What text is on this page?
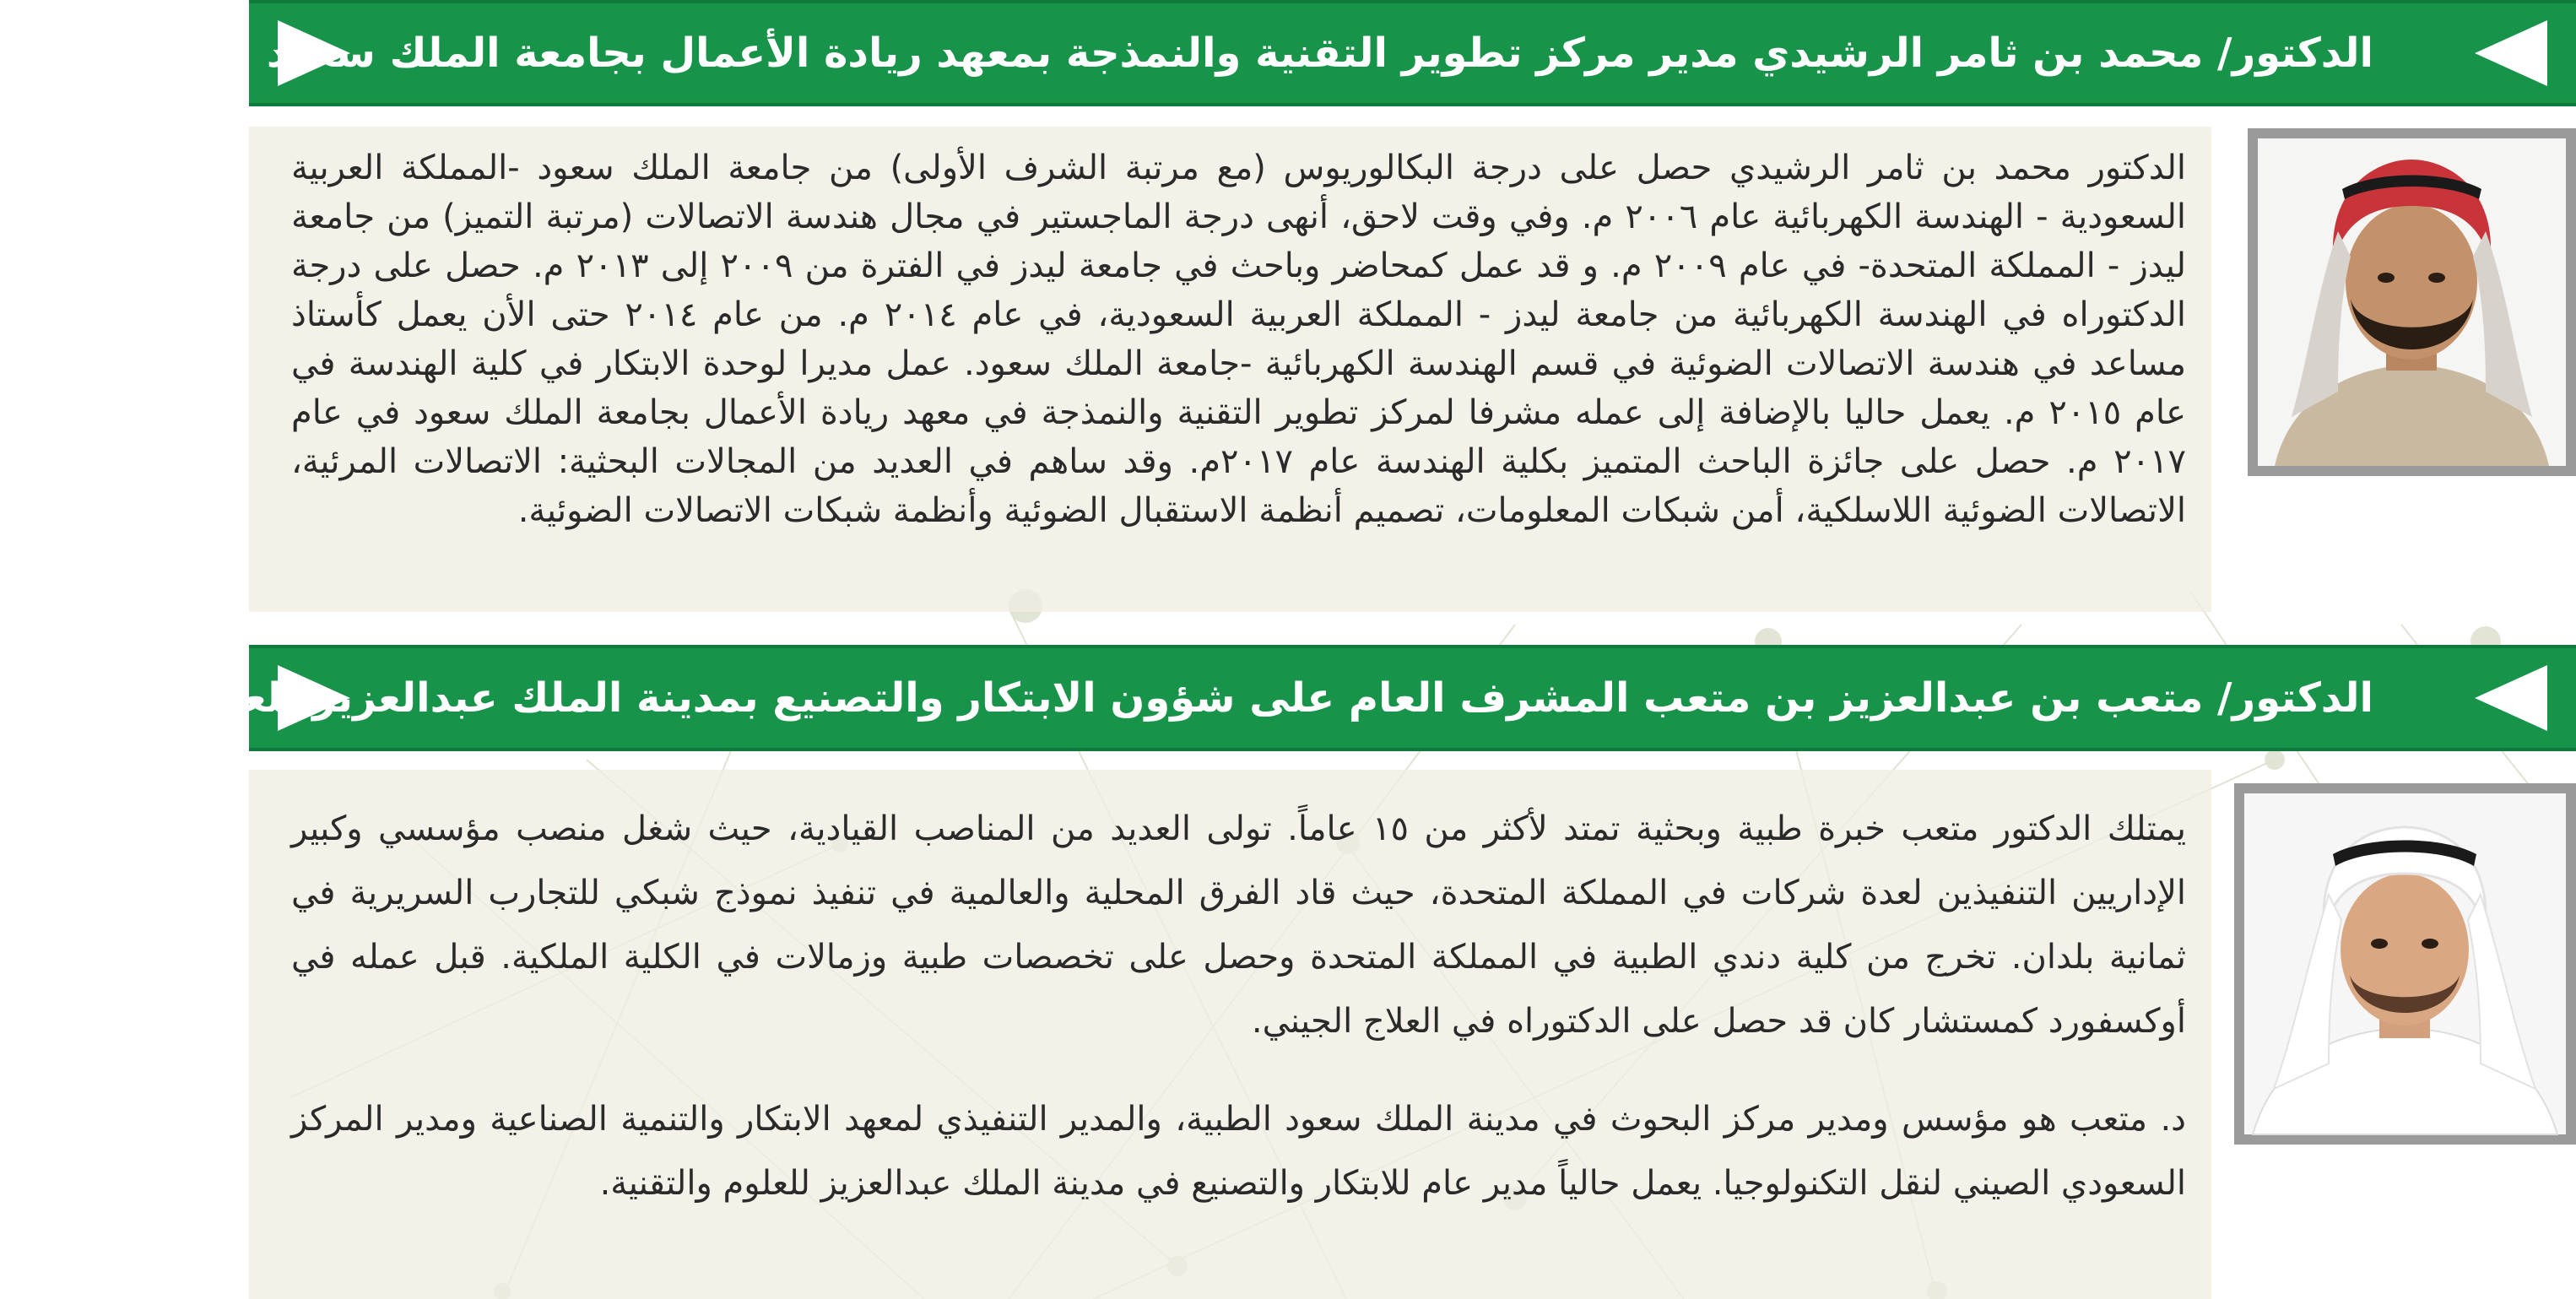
الدكتور/ محمد بن ثامر الرشيدي مدير مركز تطوير التقنية والنمذجة بمعهد ريادة الأعمال بجامعة الملك سعود

الدكتور محمد بن ثامر الرشيدي حصل على درجة البكالوريوس (مع مرتبة الشرف الأولى) من جامعة الملك سعود -المملكة العربية السعودية - الهندسة الكهربائية عام ٢٠٠٦ م. وفي وقت لاحق، أنهى درجة الماجستير في مجال هندسة الاتصالات (مرتبة التميز) من جامعة ليدز - المملكة المتحدة- في عام ٢٠٠٩ م. و قد عمل كمحاضر وباحث في جامعة ليدز في الفترة من ٢٠٠٩ إلى ٢٠١٣ م. حصل على درجة الدكتوراه في الهندسة الكهربائية من جامعة ليدز - المملكة العربية السعودية، في عام ٢٠١٤ م. من عام ٢٠١٤ حتى الأن يعمل كأستاذ مساعد في هندسة الاتصالات الضوئية في قسم الهندسة الكهربائية -جامعة الملك سعود. عمل مديرا لوحدة الابتكار في كلية الهندسة في عام ٢٠١٥ م. يعمل حاليا بالإضافة إلى عمله مشرفا لمركز تطوير التقنية والنمذجة في معهد ريادة الأعمال بجامعة الملك سعود في عام ٢٠١٧ م. حصل على جائزة الباحث المتميز بكلية الهندسة عام ٢٠١٧م. وقد ساهم في العديد من المجالات البحثية: الاتصالات المرئية، الاتصالات الضوئية اللاسلكية، أمن شبكات المعلومات، تصميم أنظمة الاستقبال الضوئية وأنظمة شبكات الاتصالات الضوئية.

الدكتور/ متعب بن عبدالعزيز بن متعب المشرف العام على شؤون الابتكار والتصنيع بمدينة الملك عبدالعزيز للعلوم والتقنية

يمتلك الدكتور متعب خبرة طبية وبحثية تمتد لأكثر من ١٥ عاماً. تولى العديد من المناصب القيادية، حيث شغل منصب مؤسسي وكبير الإداريين التنفيذين لعدة شركات في المملكة المتحدة، حيث قاد الفرق المحلية والعالمية في تنفيذ نموذج شبكي للتجارب السريرية في ثمانية بلدان. تخرج من كلية دندي الطبية في المملكة المتحدة وحصل على تخصصات طبية وزمالات في الكلية الملكية. قبل عمله في أوكسفورد كمستشار كان قد حصل على الدكتوراه في العلاج الجيني.

د. متعب هو مؤسس ومدير مركز البحوث في مدينة الملك سعود الطبية، والمدير التنفيذي لمعهد الابتكار والتنمية الصناعية ومدير المركز السعودي الصيني لنقل التكنولوجيا. يعمل حالياً مدير عام للابتكار والتصنيع في مدينة الملك عبدالعزيز للعلوم والتقنية.
